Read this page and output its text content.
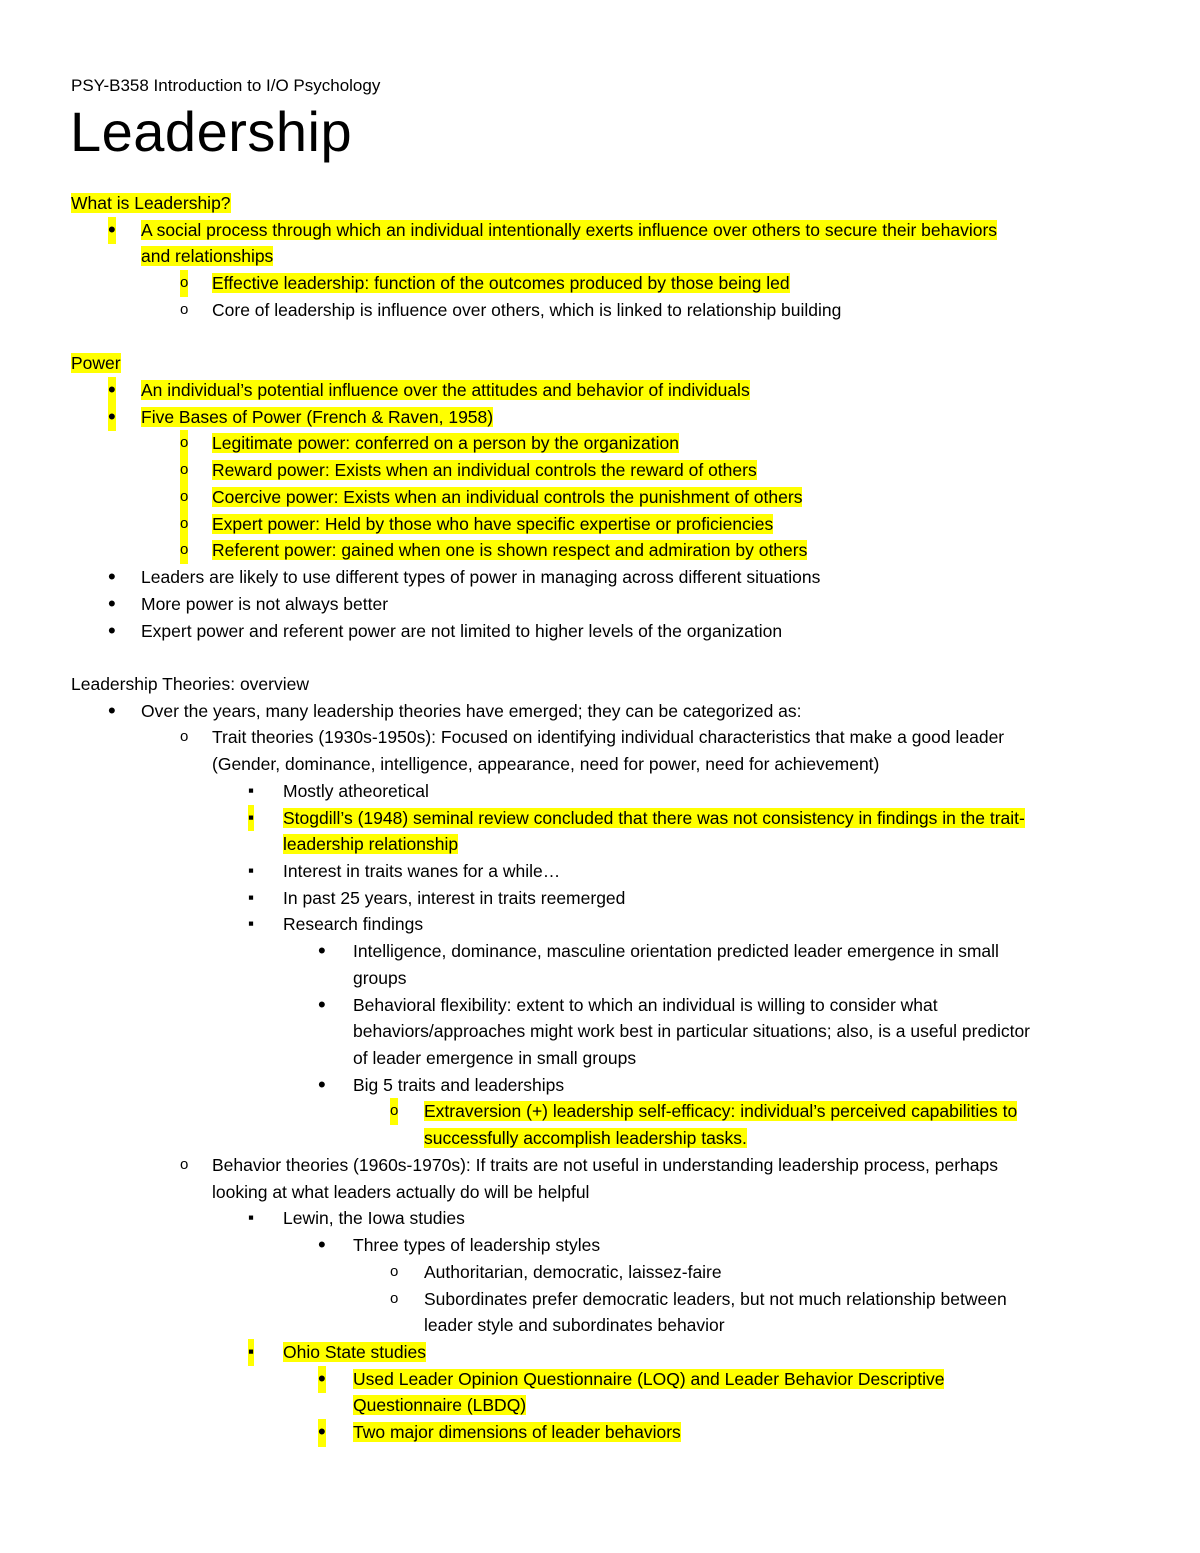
PSY-B358 Introduction to I/O Psychology
Leadership
What is Leadership?
•
A social process through which an individual intentionally exerts influence over others to secure their behaviors
and relationships
o Effective leadership: function of the outcomes produced by those being led
o Core of leadership is influence over others, which is linked to relationship building
Power
•
An individual’s potential influence over the attitudes and behavior of individuals
•
Five Bases of Power (French & Raven, 1958)
o Legitimate power: conferred on a person by the organization
o Reward power: Exists when an individual controls the reward of others
o Coercive power: Exists when an individual controls the punishment of others
o Expert power: Held by those who have specific expertise or proficiencies
o Referent power: gained when one is shown respect and admiration by others
•
Leaders are likely to use different types of power in managing across different situations
•
More power is not always better
•
Expert power and referent power are not limited to higher levels of the organization
Leadership Theories: overview
•
Over the years, many leadership theories have emerged; they can be categorized as:
o Trait theories (1930s-1950s): Focused on identifying individual characteristics that make a good leader
(Gender, dominance, intelligence, appearance, need for power, need for achievement)
▪ Mostly atheoretical
▪ Stogdill’s (1948) seminal review concluded that there was not consistency in findings in the trait-
leadership relationship
▪ Interest in traits wanes for a while…
▪ In past 25 years, interest in traits reemerged
▪ Research findings
•
Intelligence, dominance, masculine orientation predicted leader emergence in small
groups
•
Behavioral flexibility: extent to which an individual is willing to consider what
behaviors/approaches might work best in particular situations; also, is a useful predictor
of leader emergence in small groups
•
Big 5 traits and leaderships
o Extraversion (+) leadership self-efficacy: individual’s perceived capabilities to
successfully accomplish leadership tasks.
o Behavior theories (1960s-1970s): If traits are not useful in understanding leadership process, perhaps
looking at what leaders actually do will be helpful
▪ Lewin, the Iowa studies
•
Three types of leadership styles
o Authoritarian, democratic, laissez-faire
o Subordinates prefer democratic leaders, but not much relationship between
leader style and subordinates behavior
▪ Ohio State studies
•
Used Leader Opinion Questionnaire (LOQ) and Leader Behavior Descriptive
Questionnaire (LBDQ)
•
Two major dimensions of leader behaviors
